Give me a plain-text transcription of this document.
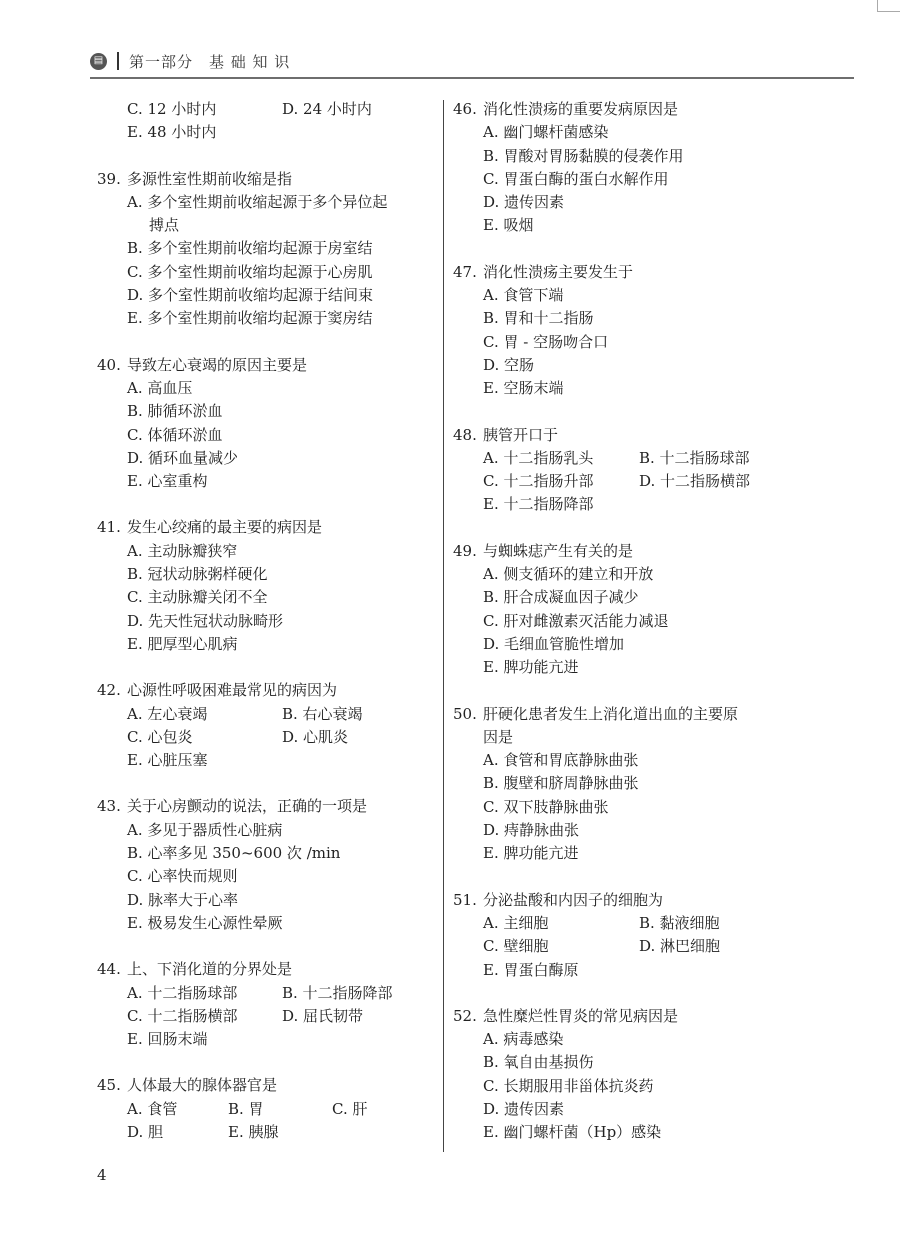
▤ 第一部分　基 础 知 识
C. 12 小时内	D. 24 小时内
E. 48 小时内
39. 多源性室性期前收缩是指
A. 多个室性期前收缩起源于多个异位起
搏点
B. 多个室性期前收缩均起源于房室结
C. 多个室性期前收缩均起源于心房肌
D. 多个室性期前收缩均起源于结间束
E. 多个室性期前收缩均起源于窦房结
40. 导致左心衰竭的原因主要是
A. 高血压
B. 肺循环淤血
C. 体循环淤血
D. 循环血量减少
E. 心室重构
41. 发生心绞痛的最主要的病因是
A. 主动脉瓣狭窄
B. 冠状动脉粥样硬化
C. 主动脉瓣关闭不全
D. 先天性冠状动脉畸形
E. 肥厚型心肌病
42. 心源性呼吸困难最常见的病因为
A. 左心衰竭	B. 右心衰竭
C. 心包炎	D. 心肌炎
E. 心脏压塞
43. 关于心房颤动的说法，正确的一项是
A. 多见于器质性心脏病
B. 心率多见 350~600 次 /min
C. 心率快而规则
D. 脉率大于心率
E. 极易发生心源性晕厥
44. 上、下消化道的分界处是
A. 十二指肠球部	B. 十二指肠降部
C. 十二指肠横部	D. 屈氏韧带
E. 回肠末端
45. 人体最大的腺体器官是
A. 食管	B. 胃	C. 肝
D. 胆	E. 胰腺
46. 消化性溃疡的重要发病原因是
A. 幽门螺杆菌感染
B. 胃酸对胃肠黏膜的侵袭作用
C. 胃蛋白酶的蛋白水解作用
D. 遗传因素
E. 吸烟
47. 消化性溃疡主要发生于
A. 食管下端
B. 胃和十二指肠
C. 胃 - 空肠吻合口
D. 空肠
E. 空肠末端
48. 胰管开口于
A. 十二指肠乳头	B. 十二指肠球部
C. 十二指肠升部	D. 十二指肠横部
E. 十二指肠降部
49. 与蜘蛛痣产生有关的是
A. 侧支循环的建立和开放
B. 肝合成凝血因子减少
C. 肝对雌激素灭活能力减退
D. 毛细血管脆性增加
E. 脾功能亢进
50. 肝硬化患者发生上消化道出血的主要原
因是
A. 食管和胃底静脉曲张
B. 腹壁和脐周静脉曲张
C. 双下肢静脉曲张
D. 痔静脉曲张
E. 脾功能亢进
51. 分泌盐酸和内因子的细胞为
A. 主细胞	B. 黏液细胞
C. 壁细胞	D. 淋巴细胞
E. 胃蛋白酶原
52. 急性糜烂性胃炎的常见病因是
A. 病毒感染
B. 氧自由基损伤
C. 长期服用非甾体抗炎药
D. 遗传因素
E. 幽门螺杆菌（Hp）感染
4
